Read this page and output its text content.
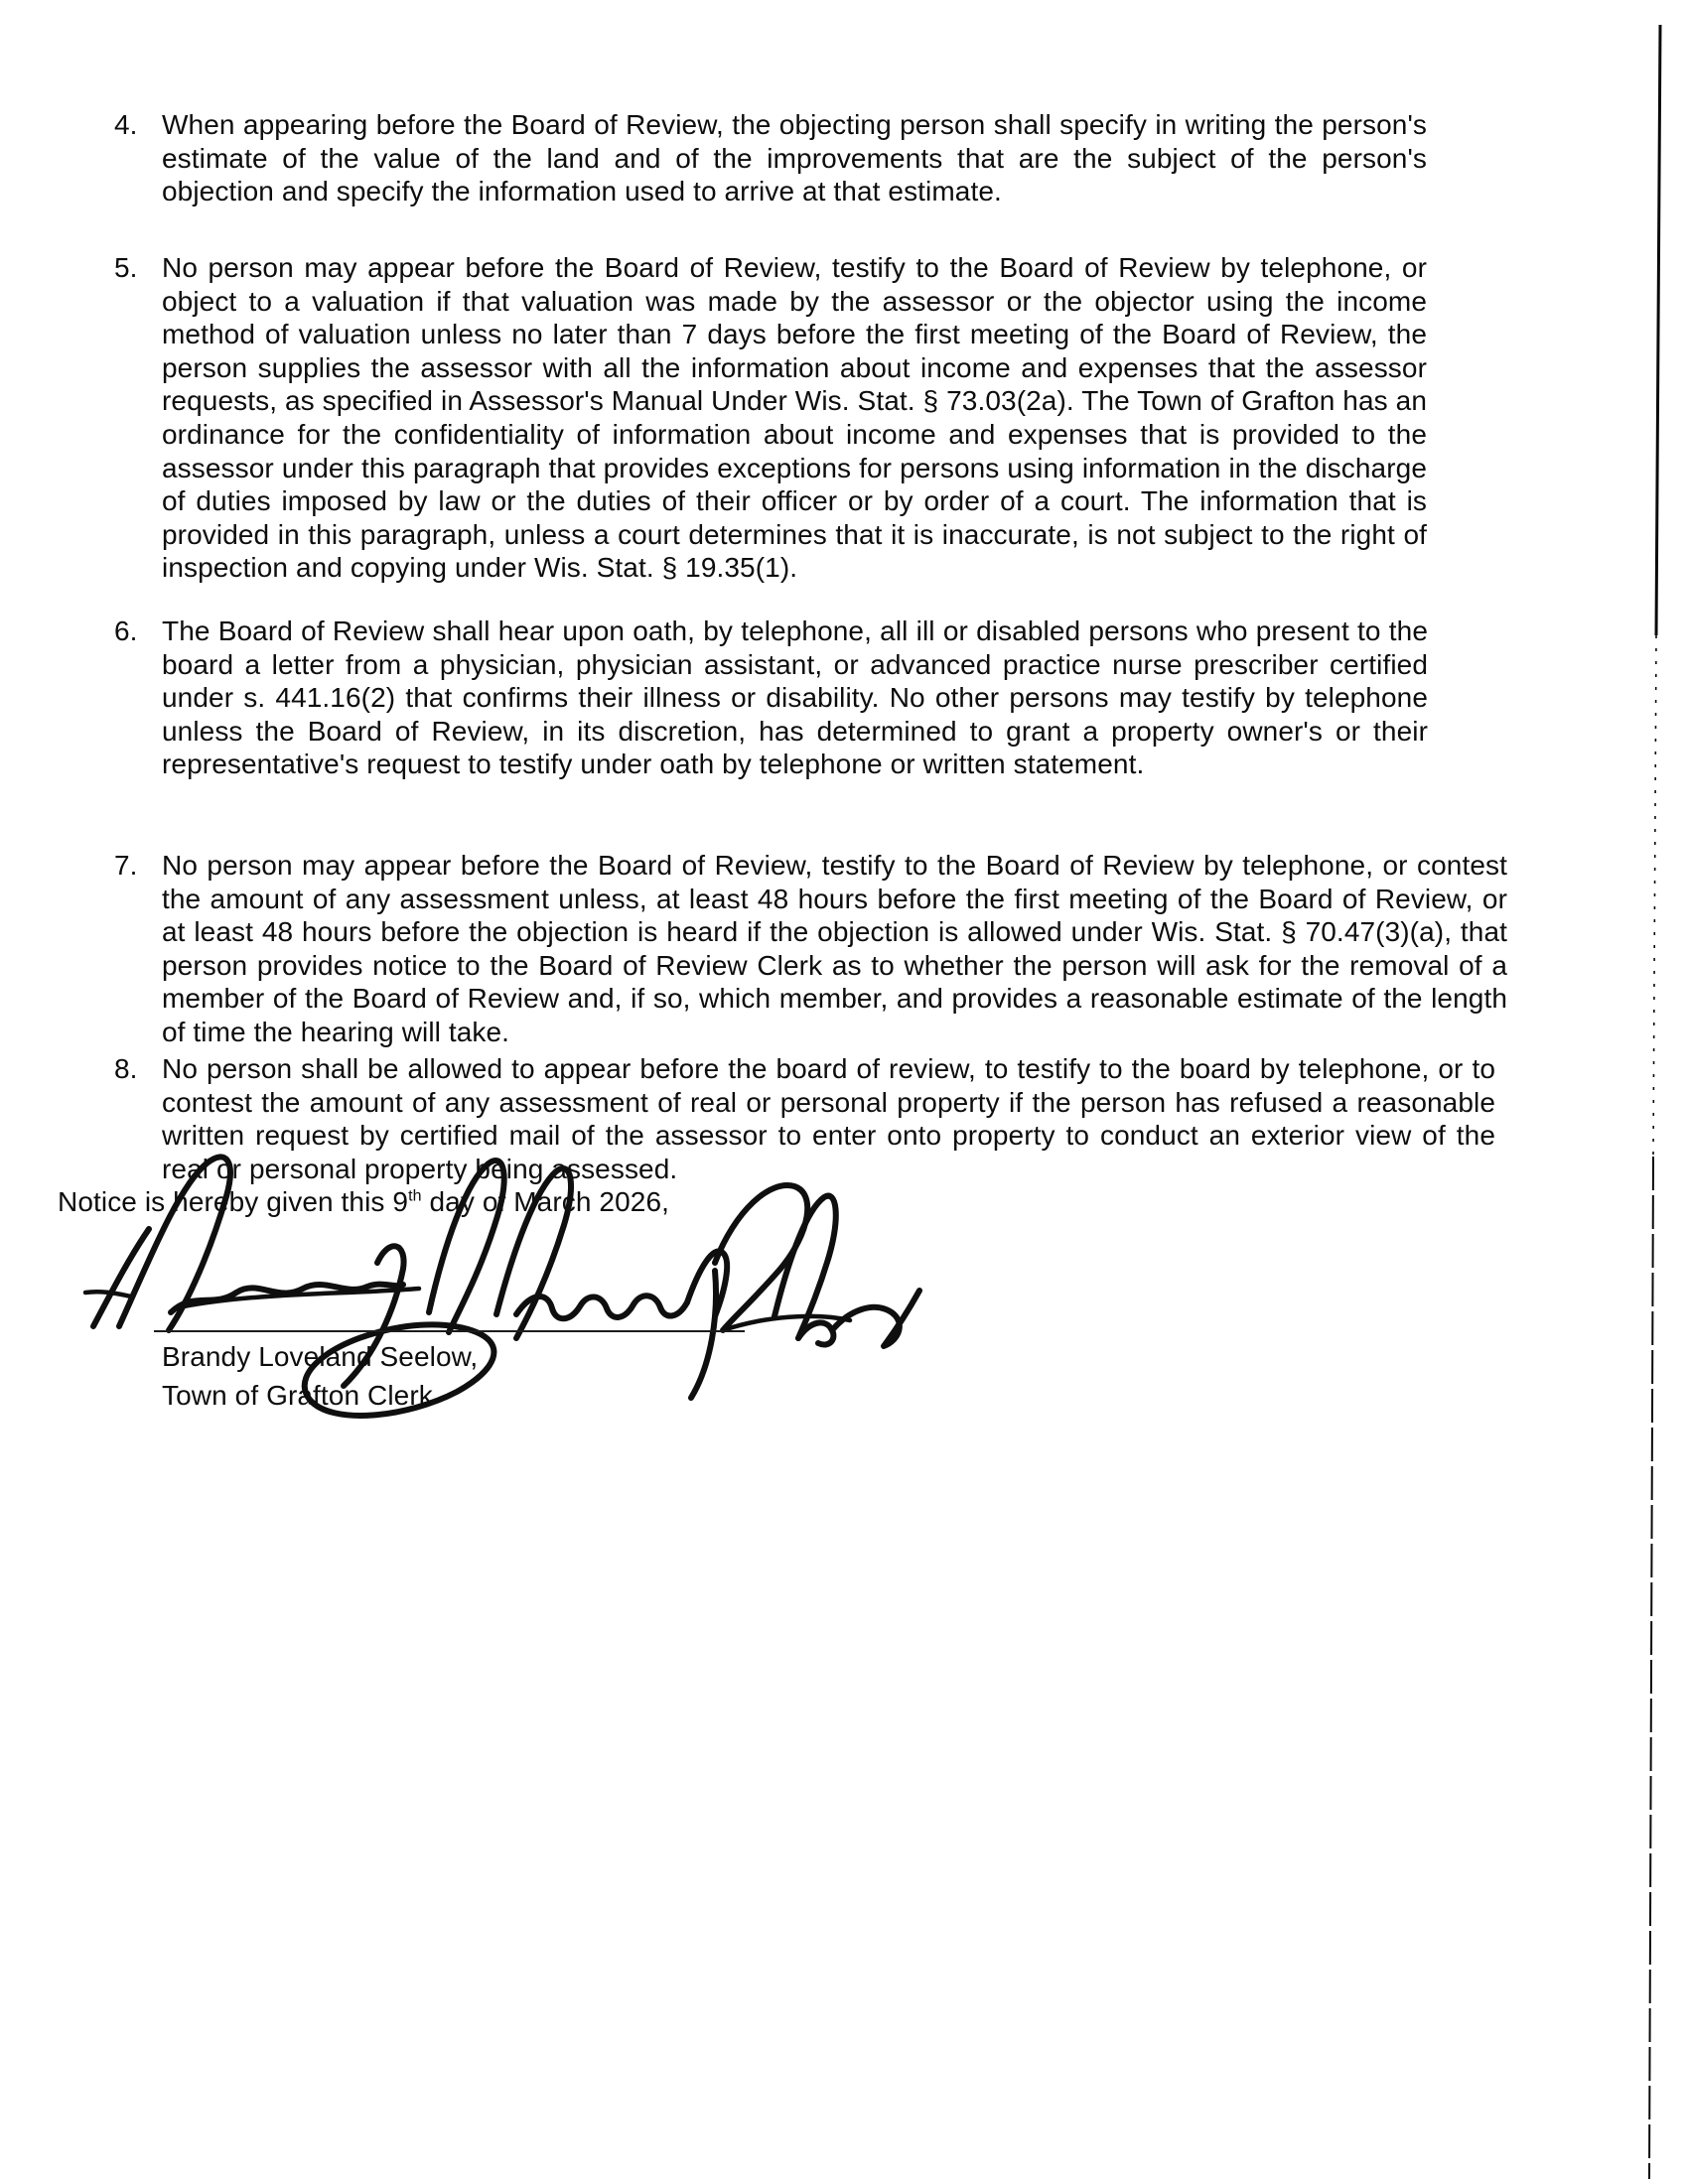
4. When appearing before the Board of Review, the objecting person shall specify in writing the person's estimate of the value of the land and of the improvements that are the subject of the person's objection and specify the information used to arrive at that estimate.

5. No person may appear before the Board of Review, testify to the Board of Review by telephone, or object to a valuation if that valuation was made by the assessor or the objector using the income method of valuation unless no later than 7 days before the first meeting of the Board of Review, the person supplies the assessor with all the information about income and expenses that the assessor requests, as specified in Assessor's Manual Under Wis. Stat. § 73.03(2a). The Town of Grafton has an ordinance for the confidentiality of information about income and expenses that is provided to the assessor under this paragraph that provides exceptions for persons using information in the discharge of duties imposed by law or the duties of their officer or by order of a court. The information that is provided in this paragraph, unless a court determines that it is inaccurate, is not subject to the right of inspection and copying under Wis. Stat. § 19.35(1).

6. The Board of Review shall hear upon oath, by telephone, all ill or disabled persons who present to the board a letter from a physician, physician assistant, or advanced practice nurse prescriber certified under s. 441.16(2) that confirms their illness or disability. No other persons may testify by telephone unless the Board of Review, in its discretion, has determined to grant a property owner's or their representative's request to testify under oath by telephone or written statement.

7. No person may appear before the Board of Review, testify to the Board of Review by telephone, or contest the amount of any assessment unless, at least 48 hours before the first meeting of the Board of Review, or at least 48 hours before the objection is heard if the objection is allowed under Wis. Stat. § 70.47(3)(a), that person provides notice to the Board of Review Clerk as to whether the person will ask for the removal of a member of the Board of Review and, if so, which member, and provides a reasonable estimate of the length of time the hearing will take.

8. No person shall be allowed to appear before the board of review, to testify to the board by telephone, or to contest the amount of any assessment of real or personal property if the person has refused a reasonable written request by certified mail of the assessor to enter onto property to conduct an exterior view of the real or personal property being assessed.

Notice is hereby given this 9th day of March 2026,
Brandy Loveland Seelow,
Town of Grafton Clerk
